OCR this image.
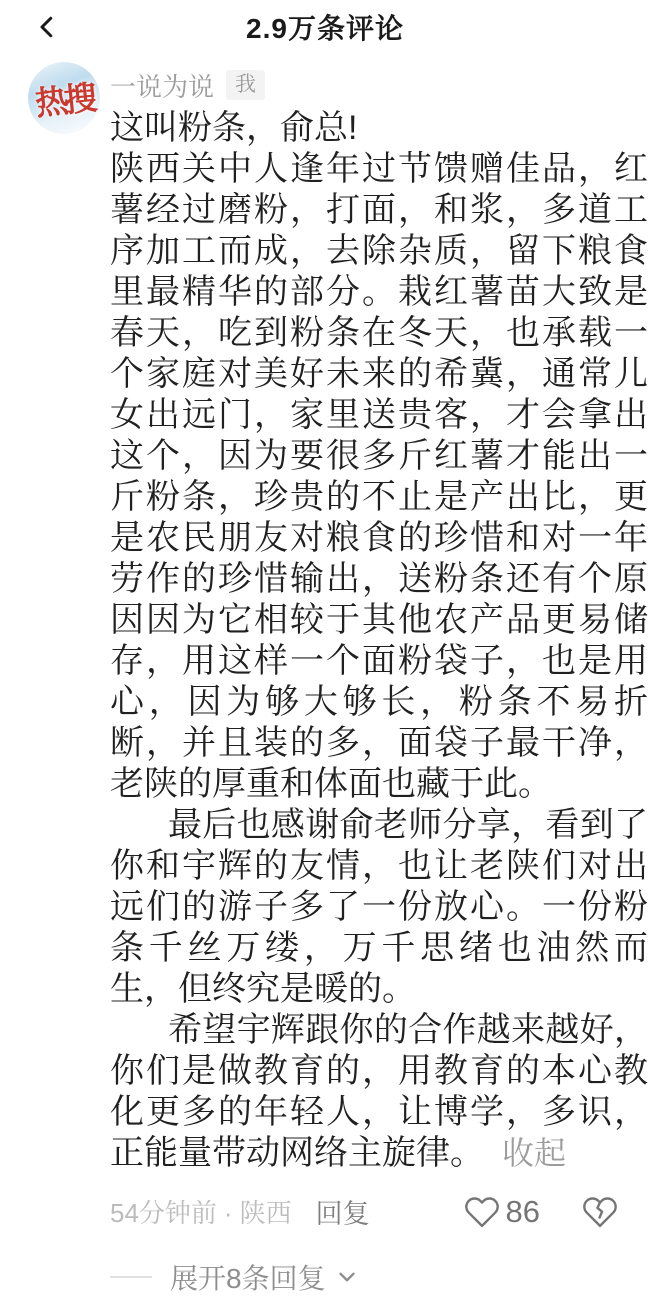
2.9万条评论
热搜 一说为说	我

这叫粉条，俞总!

陕西关中人逢年过节馈赠佳品，红薯经过磨粉，打面，和浆，多道工序加工而成，去除杂质，留下粮食里最精华的部分。栽红薯苗大致是春天，吃到粉条在冬天，也承载一个家庭对美好未来的希冀，通常儿女出远门，家里送贵客，才会拿出这个，因为要很多斤红薯才能出一斤粉条，珍贵的不止是产出比，更是农民朋友对粮食的珍惜和对一年劳作的珍惜输出，送粉条还有个原因因为它相较于其他农产品更易储存，用这样一个面粉袋子，也是用心，因为够大够长，粉条不易折断，并且装的多，面袋子最干净，老陕的厚重和体面也藏于此。

最后也感谢俞老师分享，看到了你和宇辉的友情，也让老陕们对出远们的游子多了一份放心。一份粉条千丝万缕，万千思绪也油然而生，但终究是暖的。

希望宇辉跟你的合作越来越好，你们是做教育的，用教育的本心教化更多的年轻人，让博学，多识，正能量带动网络主旋律。 收起

54分钟前 · 陕西 回复	86
展开8条回复
